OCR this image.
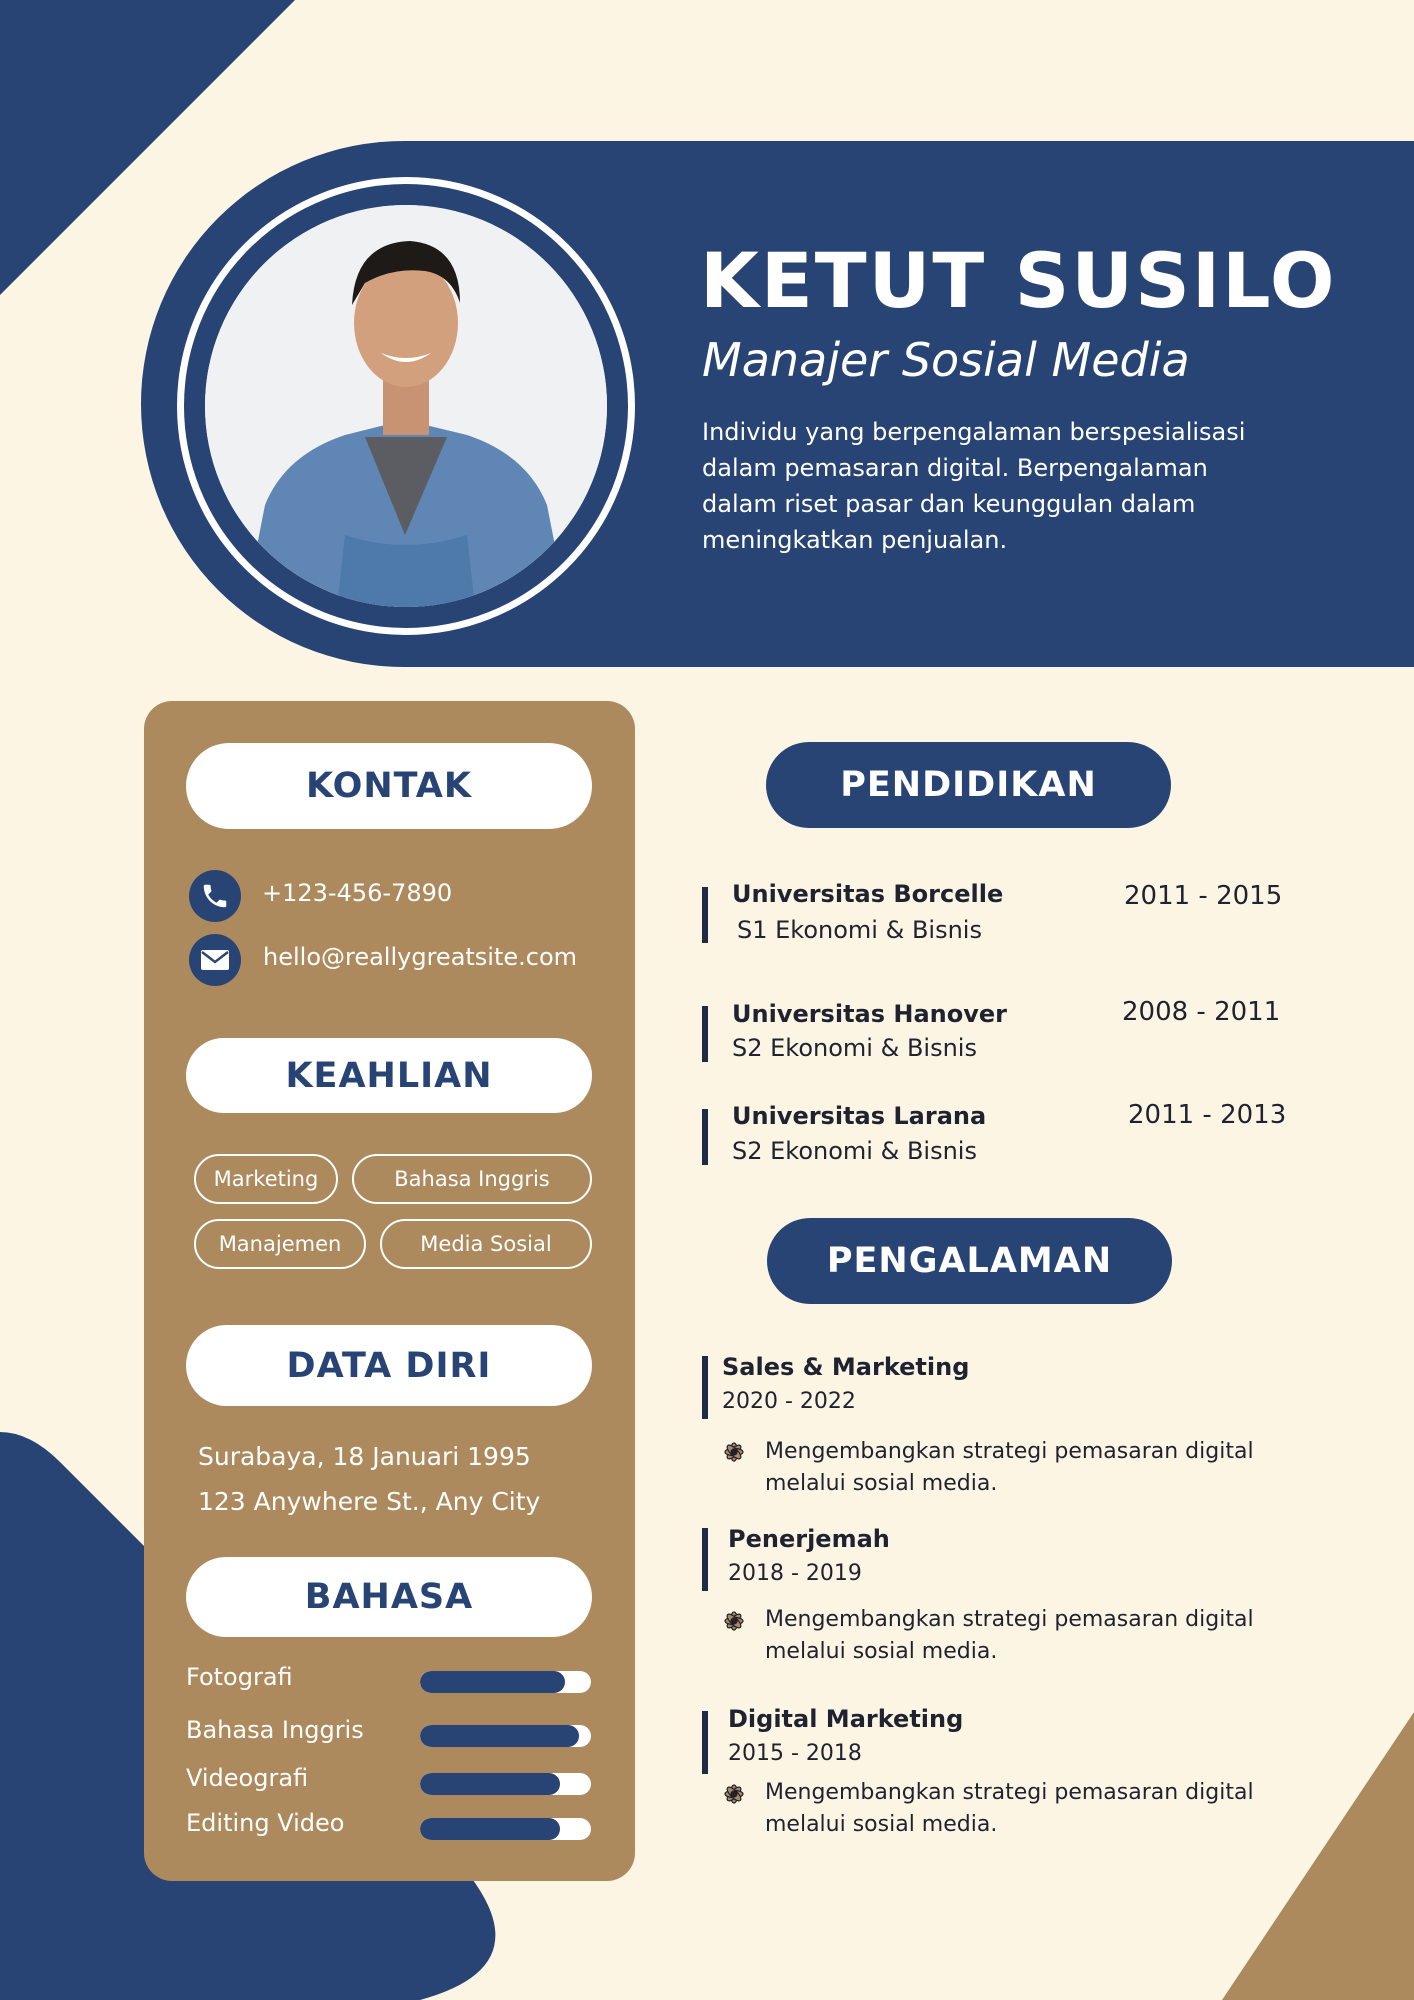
KETUT SUSILO
Manajer Sosial Media
Individu yang berpengalaman berspesialisasi dalam pemasaran digital. Berpengalaman dalam riset pasar dan keunggulan dalam meningkatkan penjualan.
KONTAK
+123-456-7890
hello@reallygreatsite.com
KEAHLIAN
Marketing	Bahasa Inggris
Manajemen	Media Sosial
DATA DIRI
Surabaya, 18 Januari 1995
123 Anywhere St., Any City
BAHASA
Fotografi
Bahasa Inggris
Videografi
Editing Video
PENDIDIKAN
Universitas Borcelle
S1 Ekonomi & Bisnis
2011 - 2015
Universitas Hanover
S2 Ekonomi & Bisnis
2008 - 2011
Universitas Larana
S2 Ekonomi & Bisnis
2011 - 2013
PENGALAMAN
Sales & Marketing
2020 - 2022
Mengembangkan strategi pemasaran digital melalui sosial media.
Penerjemah
2018 - 2019
Mengembangkan strategi pemasaran digital melalui sosial media.
Digital Marketing
2015 - 2018
Mengembangkan strategi pemasaran digital melalui sosial media.
